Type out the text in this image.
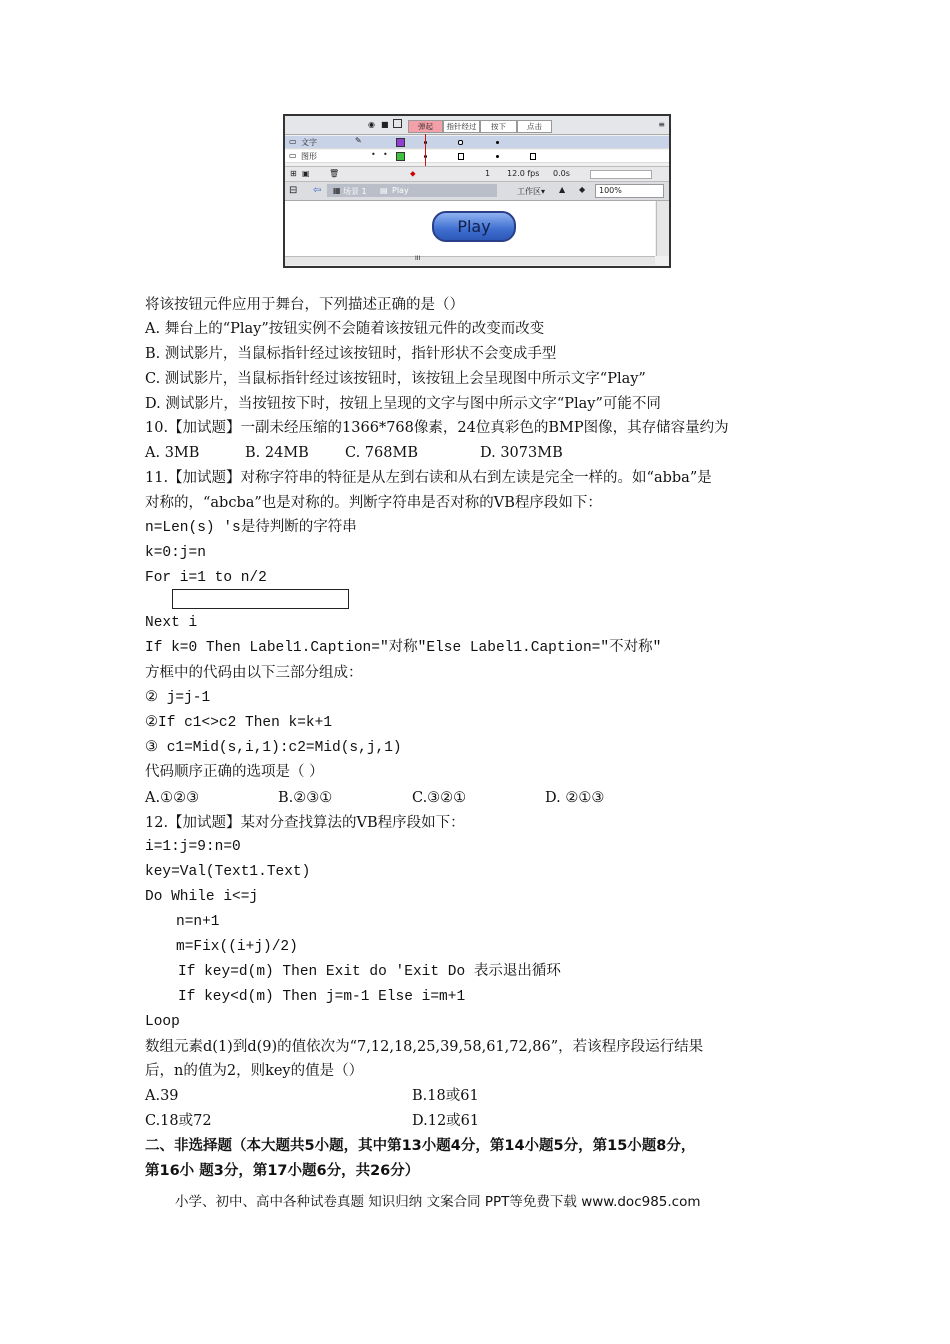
◉ ■	弹起	指针经过	按下	点击	≡
▭ 文字	✎
▭ 图形	• •
⊞ ▣ 🗑	⬥	1 12.0 fps 0.0s
⊟ ⇦ ▦ 场景 1 ▤ Play	工作区▾ ▲ ◆	100%
Play
III
将该按钮元件应用于舞台，下列描述正确的是（）
A. 舞台上的“Play”按钮实例不会随着该按钮元件的改变而改变
B. 测试影片，当鼠标指针经过该按钮时，指针形状不会变成手型
C. 测试影片，当鼠标指针经过该按钮时，该按钮上会呈现图中所示文字“Play”
D. 测试影片，当按钮按下时，按钮上呈现的文字与图中所示文字“Play”可能不同
10.【加试题】一副未经压缩的1366*768像素，24位真彩色的BMP图像，其存储容量约为
A. 3MB	B. 24MB C. 768MB	D. 3073MB
11.【加试题】对称字符串的特征是从左到右读和从右到左读是完全一样的。如“abba”是
对称的，“abcba”也是对称的。判断字符串是否对称的VB程序段如下：
n=Len(s) 's是待判断的字符串
k=0:j=n
For i=1 to n/2
Next i
If k=0 Then Label1.Caption="对称"Else Label1.Caption="不对称"
方框中的代码由以下三部分组成：
② j=j-1
②If c1<>c2 Then k=k+1
③ c1=Mid(s,i,1):c2=Mid(s,j,1)
代码顺序正确的选项是（ ）
A.①②③	B.②③①	C.③②①	D. ②①③
12.【加试题】某对分查找算法的VB程序段如下：
i=1:j=9:n=0
key=Val(Text1.Text)
Do While i<=j
n=n+1
m=Fix((i+j)/2)
If key=d(m) Then Exit do 'Exit Do 表示退出循环
If key<d(m) Then j=m-1 Else i=m+1
Loop
数组元素d(1)到d(9)的值依次为“7,12,18,25,39,58,61,72,86”，若该程序段运行结果
后，n的值为2，则key的值是（）
A.39	B.18或61
C.18或72	D.12或61
二、非选择题（本大题共5小题，其中第13小题4分，第14小题5分，第15小题8分，
第16小 题3分，第17小题6分，共26分）
小学、初中、高中各种试卷真题 知识归纳 文案合同 PPT等免费下载 www.doc985.com
